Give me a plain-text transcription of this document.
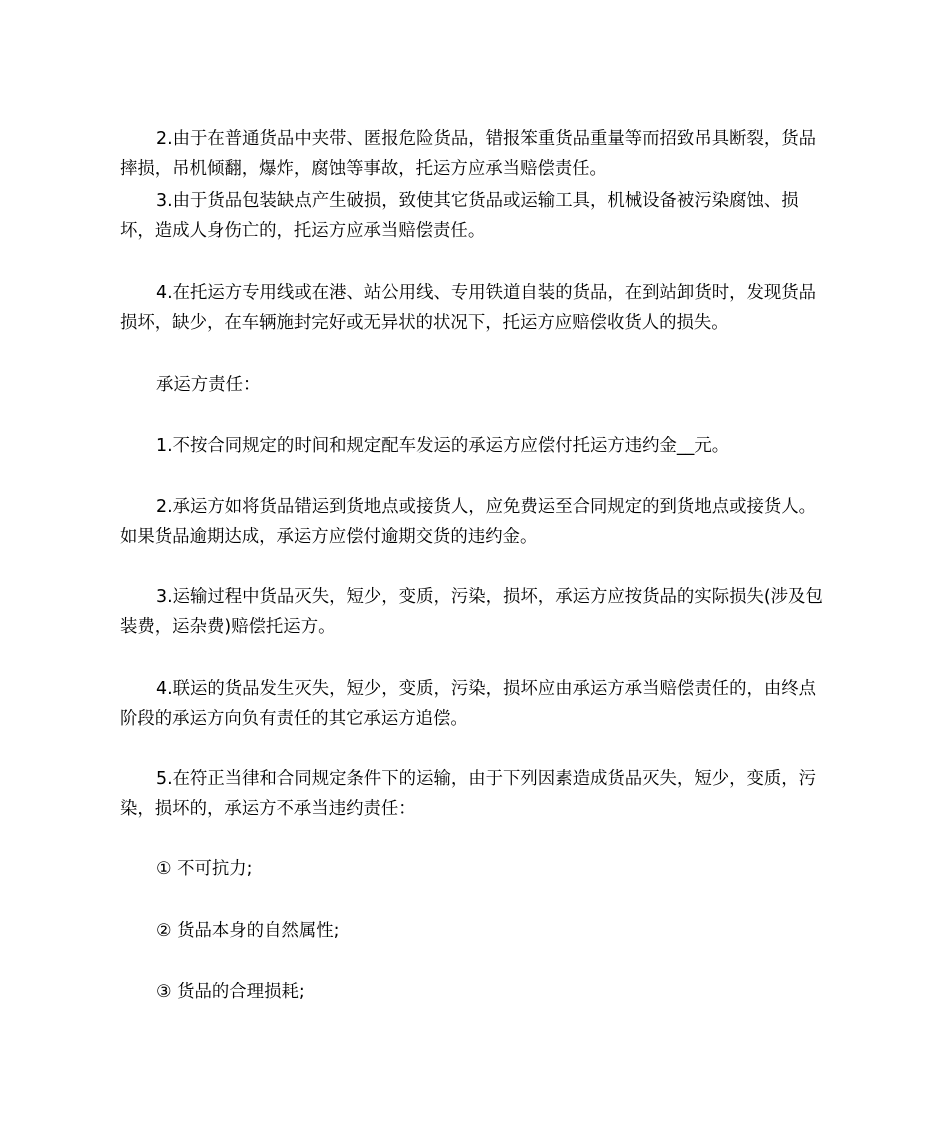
2.由于在普通货品中夹带、匿报危险货品，错报笨重货品重量等而招致吊具断裂，货品摔损，吊机倾翻，爆炸，腐蚀等事故，托运方应承当赔偿责任。

3.由于货品包装缺点产生破损，致使其它货品或运输工具，机械设备被污染腐蚀、损坏，造成人身伤亡的，托运方应承当赔偿责任。

4.在托运方专用线或在港、站公用线、专用铁道自装的货品，在到站卸货时，发现货品损坏，缺少，在车辆施封完好或无异状的状况下，托运方应赔偿收货人的损失。

承运方责任：

1.不按合同规定的时间和规定配车发运的承运方应偿付托运方违约金__元。

2.承运方如将货品错运到货地点或接货人，应免费运至合同规定的到货地点或接货人。如果货品逾期达成，承运方应偿付逾期交货的违约金。

3.运输过程中货品灭失，短少，变质，污染，损坏，承运方应按货品的实际损失(涉及包装费，运杂费)赔偿托运方。

4.联运的货品发生灭失，短少，变质，污染，损坏应由承运方承当赔偿责任的，由终点阶段的承运方向负有责任的其它承运方追偿。

5.在符正当律和合同规定条件下的运输，由于下列因素造成货品灭失，短少，变质，污染，损坏的，承运方不承当违约责任：

① 不可抗力;

② 货品本身的自然属性;

③ 货品的合理损耗;
